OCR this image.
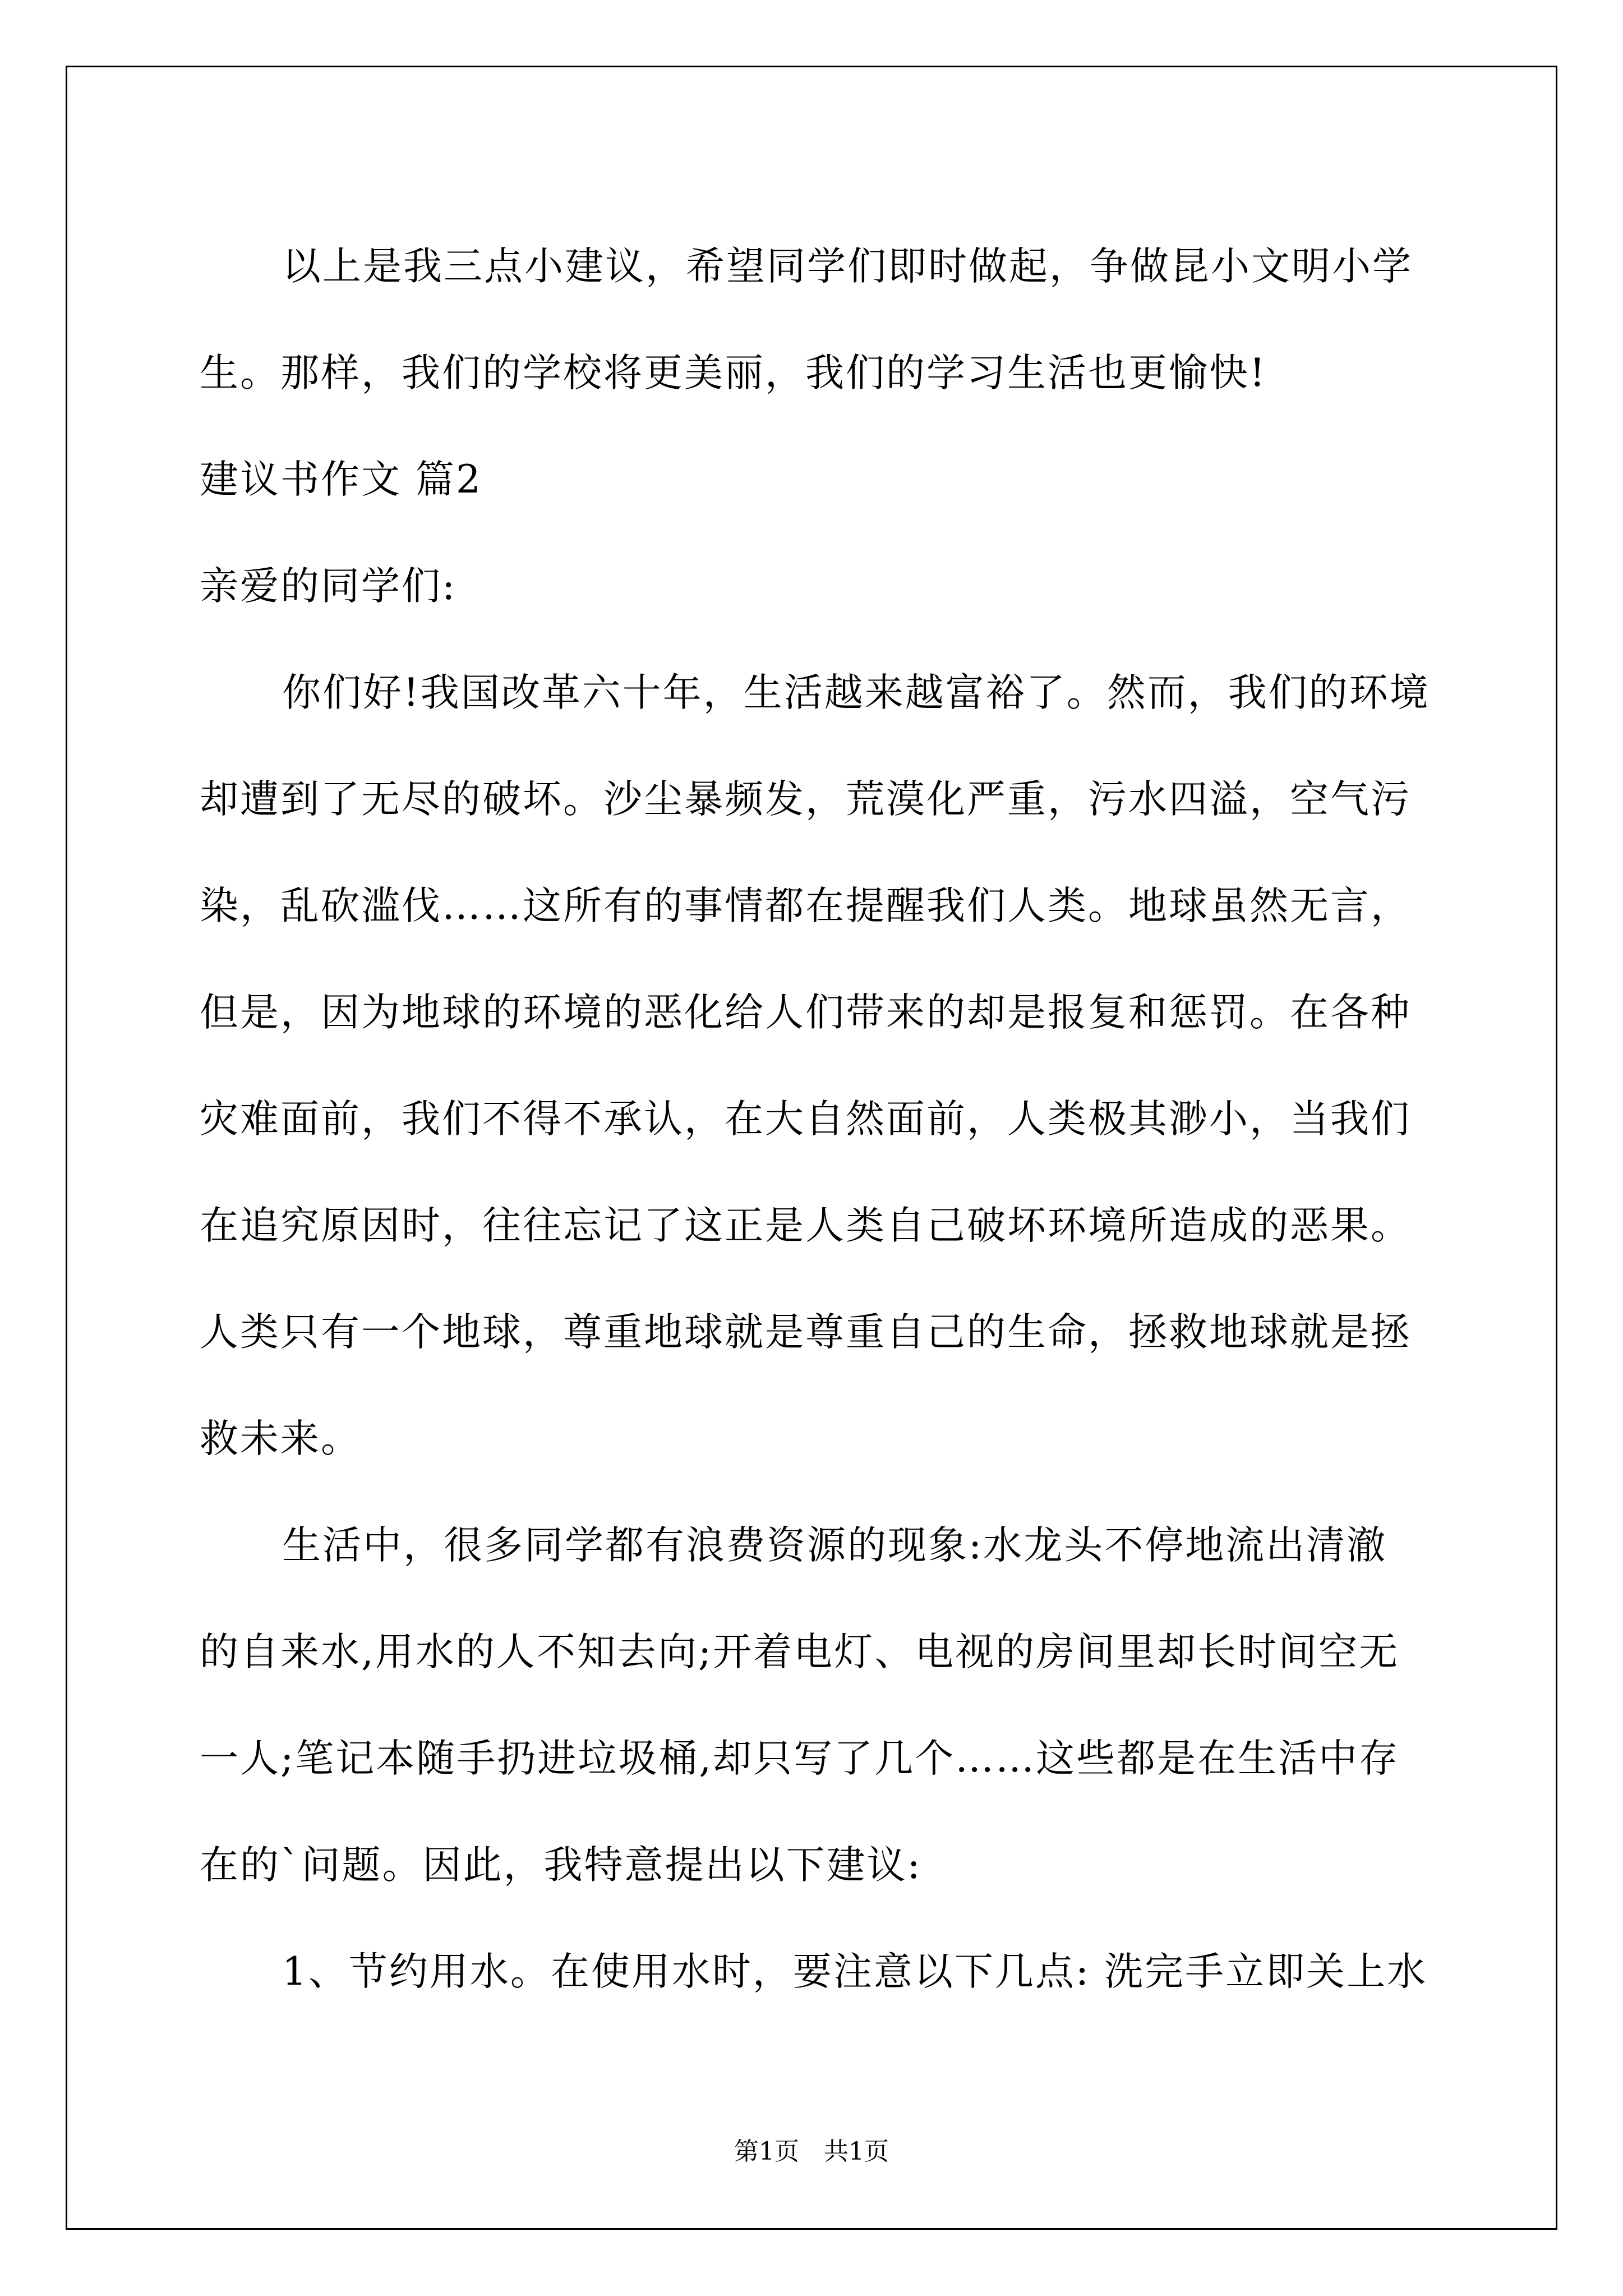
以上是我三点小建议，希望同学们即时做起，争做昆小文明小学
生。那样，我们的学校将更美丽，我们的学习生活也更愉快!
建议书作文 篇2
亲爱的同学们:
你们好!我国改革六十年，生活越来越富裕了。然而，我们的环境
却遭到了无尽的破坏。沙尘暴频发，荒漠化严重，污水四溢，空气污
染，乱砍滥伐……这所有的事情都在提醒我们人类。地球虽然无言，
但是，因为地球的环境的恶化给人们带来的却是报复和惩罚。在各种
灾难面前，我们不得不承认，在大自然面前，人类极其渺小，当我们
在追究原因时，往往忘记了这正是人类自己破坏环境所造成的恶果。
人类只有一个地球，尊重地球就是尊重自己的生命，拯救地球就是拯
救未来。
生活中，很多同学都有浪费资源的现象:水龙头不停地流出清澈
的自来水,用水的人不知去向;开着电灯、电视的房间里却长时间空无
一人;笔记本随手扔进垃圾桶,却只写了几个……这些都是在生活中存
在的`问题。因此，我特意提出以下建议:
1、节约用水。在使用水时，要注意以下几点: 洗完手立即关上水
第1页 共1页
